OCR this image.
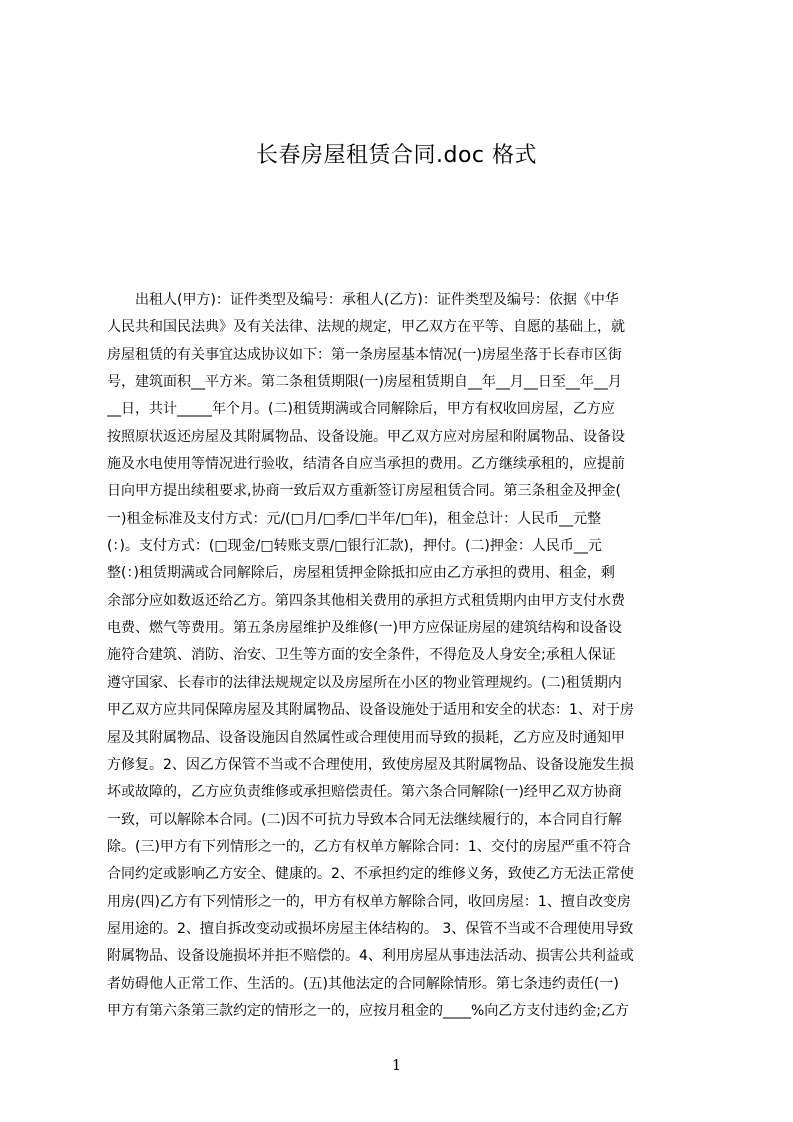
长春房屋租赁合同.doc 格式
　　出租人(甲方)：证件类型及编号：承租人(乙方)：证件类型及编号：依据《中华
人民共和国民法典》及有关法律、法规的规定，甲乙双方在平等、自愿的基础上，就
房屋租赁的有关事宜达成协议如下：第一条房屋基本情况(一)房屋坐落于长春市区街
号，建筑面积__平方米。第二条租赁期限(一)房屋租赁期自__年__月__日至__年__月
__日，共计_____年个月。(二)租赁期满或合同解除后，甲方有权收回房屋，乙方应
按照原状返还房屋及其附属物品、设备设施。甲乙双方应对房屋和附属物品、设备设
施及水电使用等情况进行验收，结清各自应当承担的费用。乙方继续承租的，应提前
日向甲方提出续租要求,协商一致后双方重新签订房屋租赁合同。第三条租金及押金(
一)租金标准及支付方式：元/(□月/□季/□半年/□年)，租金总计：人民币__元整
(：)。支付方式：(□现金/□转账支票/□银行汇款)，押付。(二)押金：人民币__元
整(：)租赁期满或合同解除后，房屋租赁押金除抵扣应由乙方承担的费用、租金，剩
余部分应如数返还给乙方。第四条其他相关费用的承担方式租赁期内由甲方支付水费
电费、燃气等费用。第五条房屋维护及维修(一)甲方应保证房屋的建筑结构和设备设
施符合建筑、消防、治安、卫生等方面的安全条件，不得危及人身安全;承租人保证
遵守国家、长春市的法律法规规定以及房屋所在小区的物业管理规约。(二)租赁期内
甲乙双方应共同保障房屋及其附属物品、设备设施处于适用和安全的状态：1、对于房
屋及其附属物品、设备设施因自然属性或合理使用而导致的损耗，乙方应及时通知甲
方修复。2、因乙方保管不当或不合理使用，致使房屋及其附属物品、设备设施发生损
坏或故障的，乙方应负责维修或承担赔偿责任。第六条合同解除(一)经甲乙双方协商
一致，可以解除本合同。(二)因不可抗力导致本合同无法继续履行的，本合同自行解
除。(三)甲方有下列情形之一的，乙方有权单方解除合同：1、交付的房屋严重不符合
合同约定或影响乙方安全、健康的。2、不承担约定的维修义务，致使乙方无法正常使
用房(四)乙方有下列情形之一的，甲方有权单方解除合同，收回房屋：1、擅自改变房
屋用途的。2、擅自拆改变动或损坏房屋主体结构的。 3、保管不当或不合理使用导致
附属物品、设备设施损坏并拒不赔偿的。4、利用房屋从事违法活动、损害公共利益或
者妨碍他人正常工作、生活的。(五)其他法定的合同解除情形。第七条违约责任(一)
甲方有第六条第三款约定的情形之一的，应按月租金的____%向乙方支付违约金;乙方
1
